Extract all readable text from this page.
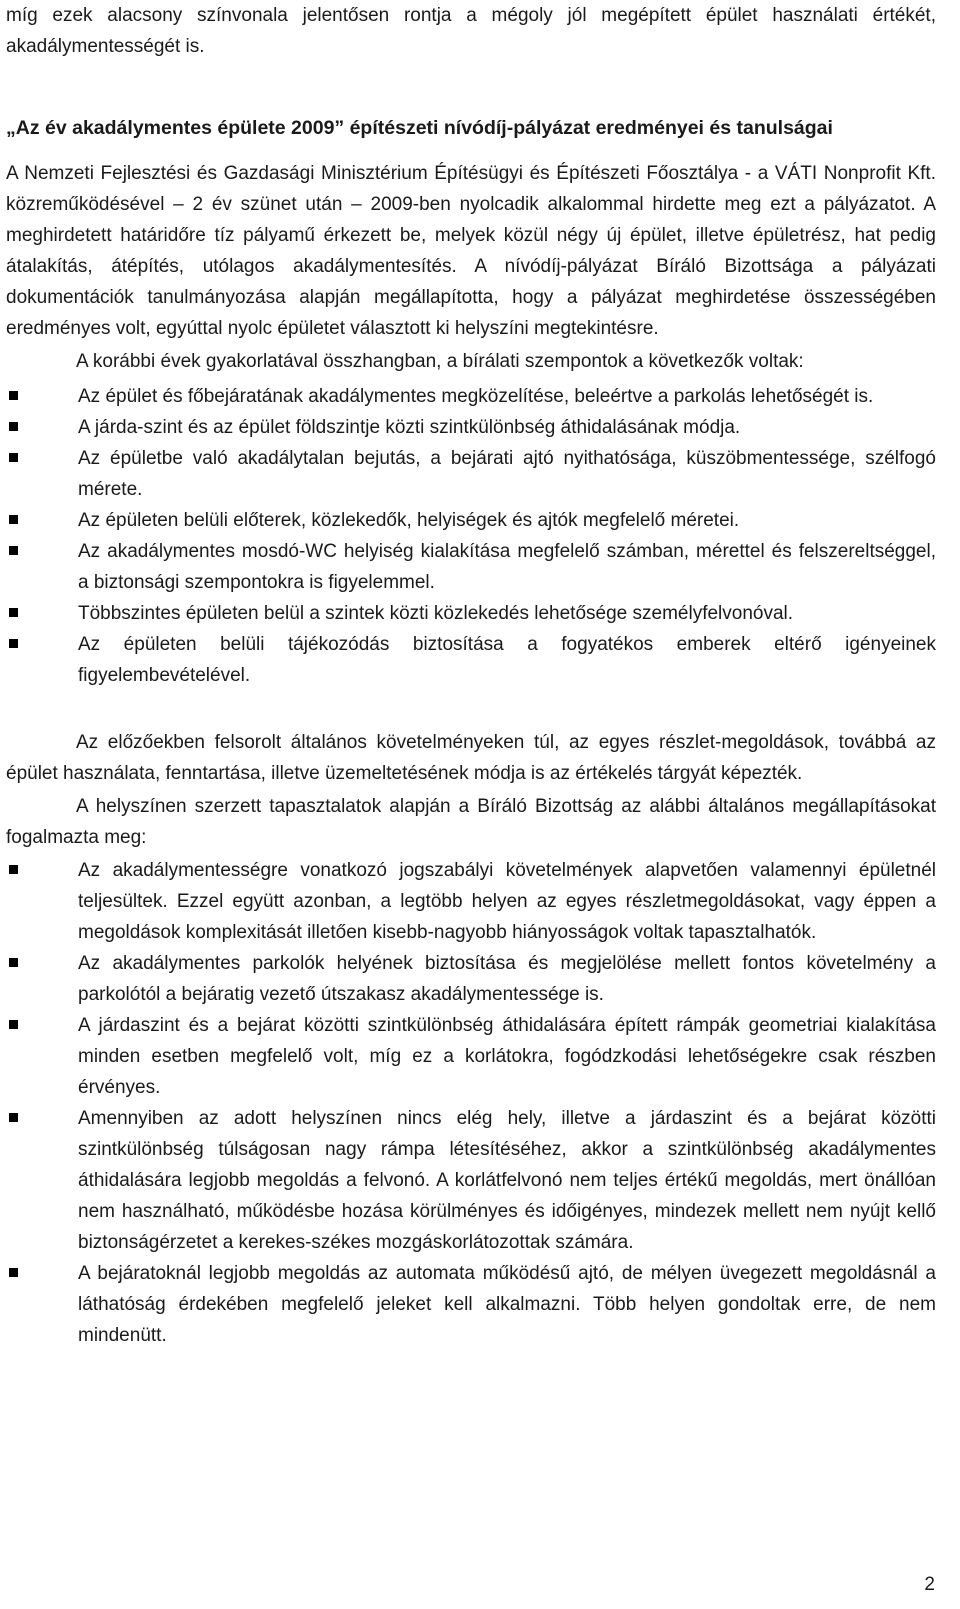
míg ezek alacsony színvonala jelentősen rontja a mégoly jól megépített épület használati értékét, akadálymentességét is.

„Az év akadálymentes épülete 2009” építészeti nívódíj-pályázat eredményei és tanulságai

A Nemzeti Fejlesztési és Gazdasági Minisztérium Építésügyi és Építészeti Főosztálya - a VÁTI Nonprofit Kft. közreműködésével – 2 év szünet után – 2009-ben nyolcadik alkalommal hirdette meg ezt a pályázatot. A meghirdetett határidőre tíz pályamű érkezett be, melyek közül négy új épület, illetve épületrész, hat pedig átalakítás, átépítés, utólagos akadálymentesítés. A nívódíj-pályázat Bíráló Bizottsága a pályázati dokumentációk tanulmányozása alapján megállapította, hogy a pályázat meghirdetése összességében eredményes volt, egyúttal nyolc épületet választott ki helyszíni megtekintésre.

A korábbi évek gyakorlatával összhangban, a bírálati szempontok a következők voltak:

Az épület és főbejáratának akadálymentes megközelítése, beleértve a parkolás lehetőségét is.
A járda-szint és az épület földszintje közti szintkülönbség áthidalásának módja.
Az épületbe való akadálytalan bejutás, a bejárati ajtó nyithatósága, küszöbmentessége, szélfogó mérete.
Az épületen belüli előterek, közlekedők, helyiségek és ajtók megfelelő méretei.
Az akadálymentes mosdó-WC helyiség kialakítása megfelelő számban, mérettel és felszereltséggel, a biztonsági szempontokra is figyelemmel.
Többszintes épületen belül a szintek közti közlekedés lehetősége személyfelvonóval.
Az épületen belüli tájékozódás biztosítása a fogyatékos emberek eltérő igényeinek figyelembevételével.

Az előzőekben felsorolt általános követelményeken túl, az egyes részlet-megoldások, továbbá az épület használata, fenntartása, illetve üzemeltetésének módja is az értékelés tárgyát képezték.

A helyszínen szerzett tapasztalatok alapján a Bíráló Bizottság az alábbi általános megállapításokat fogalmazta meg:

Az akadálymentességre vonatkozó jogszabályi követelmények alapvetően valamennyi épületnél teljesültek. Ezzel együtt azonban, a legtöbb helyen az egyes részletmegoldásokat, vagy éppen a megoldások komplexitását illetően kisebb-nagyobb hiányosságok voltak tapasztalhatók.
Az akadálymentes parkolók helyének biztosítása és megjelölése mellett fontos követelmény a parkolótól a bejáratig vezető útszakasz akadálymentessége is.
A járdaszint és a bejárat közötti szintkülönbség áthidalására épített rámpák geometriai kialakítása minden esetben megfelelő volt, míg ez a korlátokra, fogódzkodási lehetőségekre csak részben érvényes.
Amennyiben az adott helyszínen nincs elég hely, illetve a járdaszint és a bejárat közötti szintkülönbség túlságosan nagy rámpa létesítéséhez, akkor a szintkülönbség akadálymentes áthidalására legjobb megoldás a felvonó. A korlátfelvonó nem teljes értékű megoldás, mert önállóan nem használható, működésbe hozása körülményes és időigényes, mindezek mellett nem nyújt kellő biztonságérzetet a kerekes-székes mozgáskorlátozottak számára.
A bejáratoknál legjobb megoldás az automata működésű ajtó, de mélyen üvegezett megoldásnál a láthatóság érdekében megfelelő jeleket kell alkalmazni. Több helyen gondoltak erre, de nem mindenütt.
2
